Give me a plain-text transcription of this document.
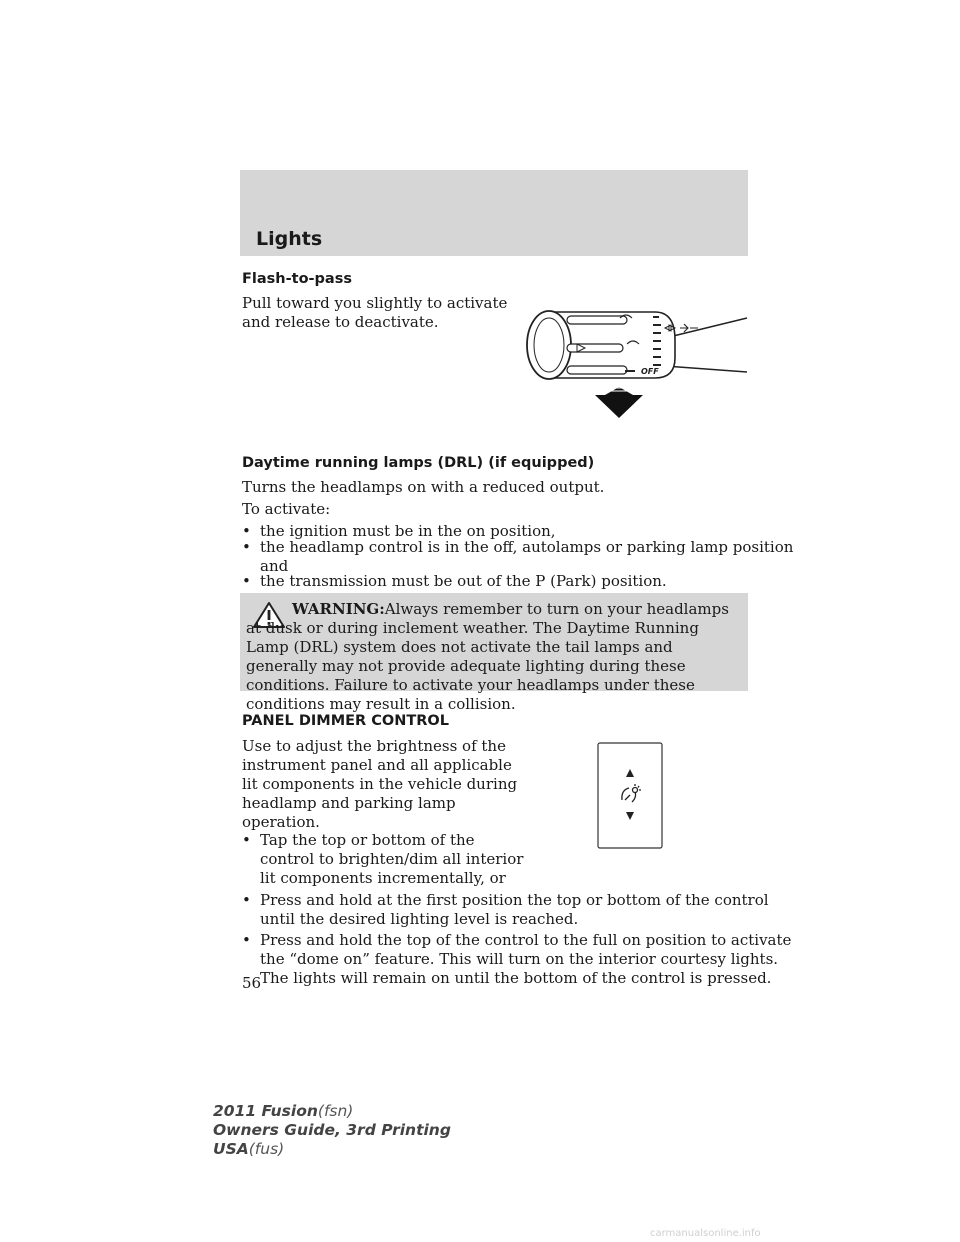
Lights
Flash-to-pass
Pull toward you slightly to activate
and release to deactivate.
OFF
Daytime running lamps (DRL) (if equipped)
Turns the headlamps on with a reduced output.
To activate:
• the ignition must be in the on position,
• the headlamp control is in the off, autolamps or parking lamp position
and
• the transmission must be out of the P (Park) position.
WARNING:Always remember to turn on your headlamps at dusk or during inclement weather. The Daytime Running Lamp (DRL) system does not activate the tail lamps and generally may not provide adequate lighting during these conditions. Failure to activate your headlamps under these conditions may result in a collision.
PANEL DIMMER CONTROL
Use to adjust the brightness of the
instrument panel and all applicable
lit components in the vehicle during
headlamp and parking lamp
operation.
• Tap the top or bottom of the
control to brighten/dim all interior
lit components incrementally, or
• Press and hold at the first position the top or bottom of the control
until the desired lighting level is reached.
• Press and hold the top of the control to the full on position to activate
the “dome on” feature. This will turn on the interior courtesy lights.
The lights will remain on until the bottom of the control is pressed.
56
2011 Fusion(fsn)
Owners Guide, 3rd Printing
USA(fus)
carmanualsonline.info
